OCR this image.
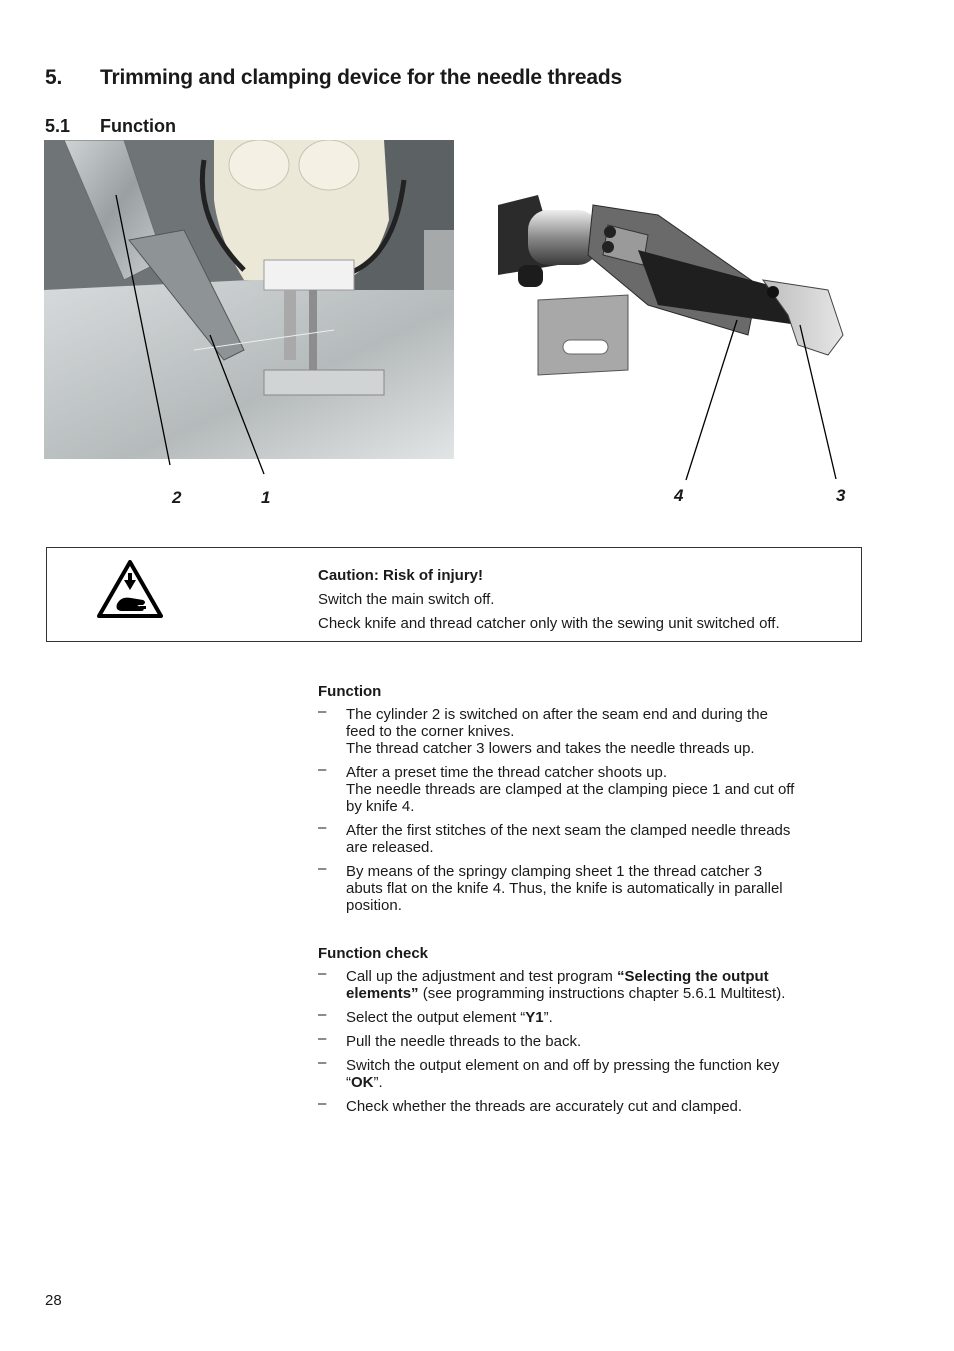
5. Trimming and clamping device for the needle threads
5.1 Function
2	1	4	3
Caution: Risk of injury!
Switch the main switch off.
Check knife and thread catcher only with the sewing unit switched off.
Function
– The cylinder 2 is switched on after the seam end and during the
feed to the corner knives.
The thread catcher 3 lowers and takes the needle threads up.
– After a preset time the thread catcher shoots up.
The needle threads are clamped at the clamping piece 1 and cut off
by knife 4.
– After the first stitches of the next seam the clamped needle threads
are released.
– By means of the springy clamping sheet 1 the thread catcher 3
abuts flat on the knife 4. Thus, the knife is automatically in parallel
position.
Function check
– Call up the adjustment and test program “Selecting the output
elements” (see programming instructions chapter 5.6.1 Multitest).
– Select the output element “Y1”.
– Pull the needle threads to the back.
– Switch the output element on and off by pressing the function key
“OK”.
– Check whether the threads are accurately cut and clamped.
28
